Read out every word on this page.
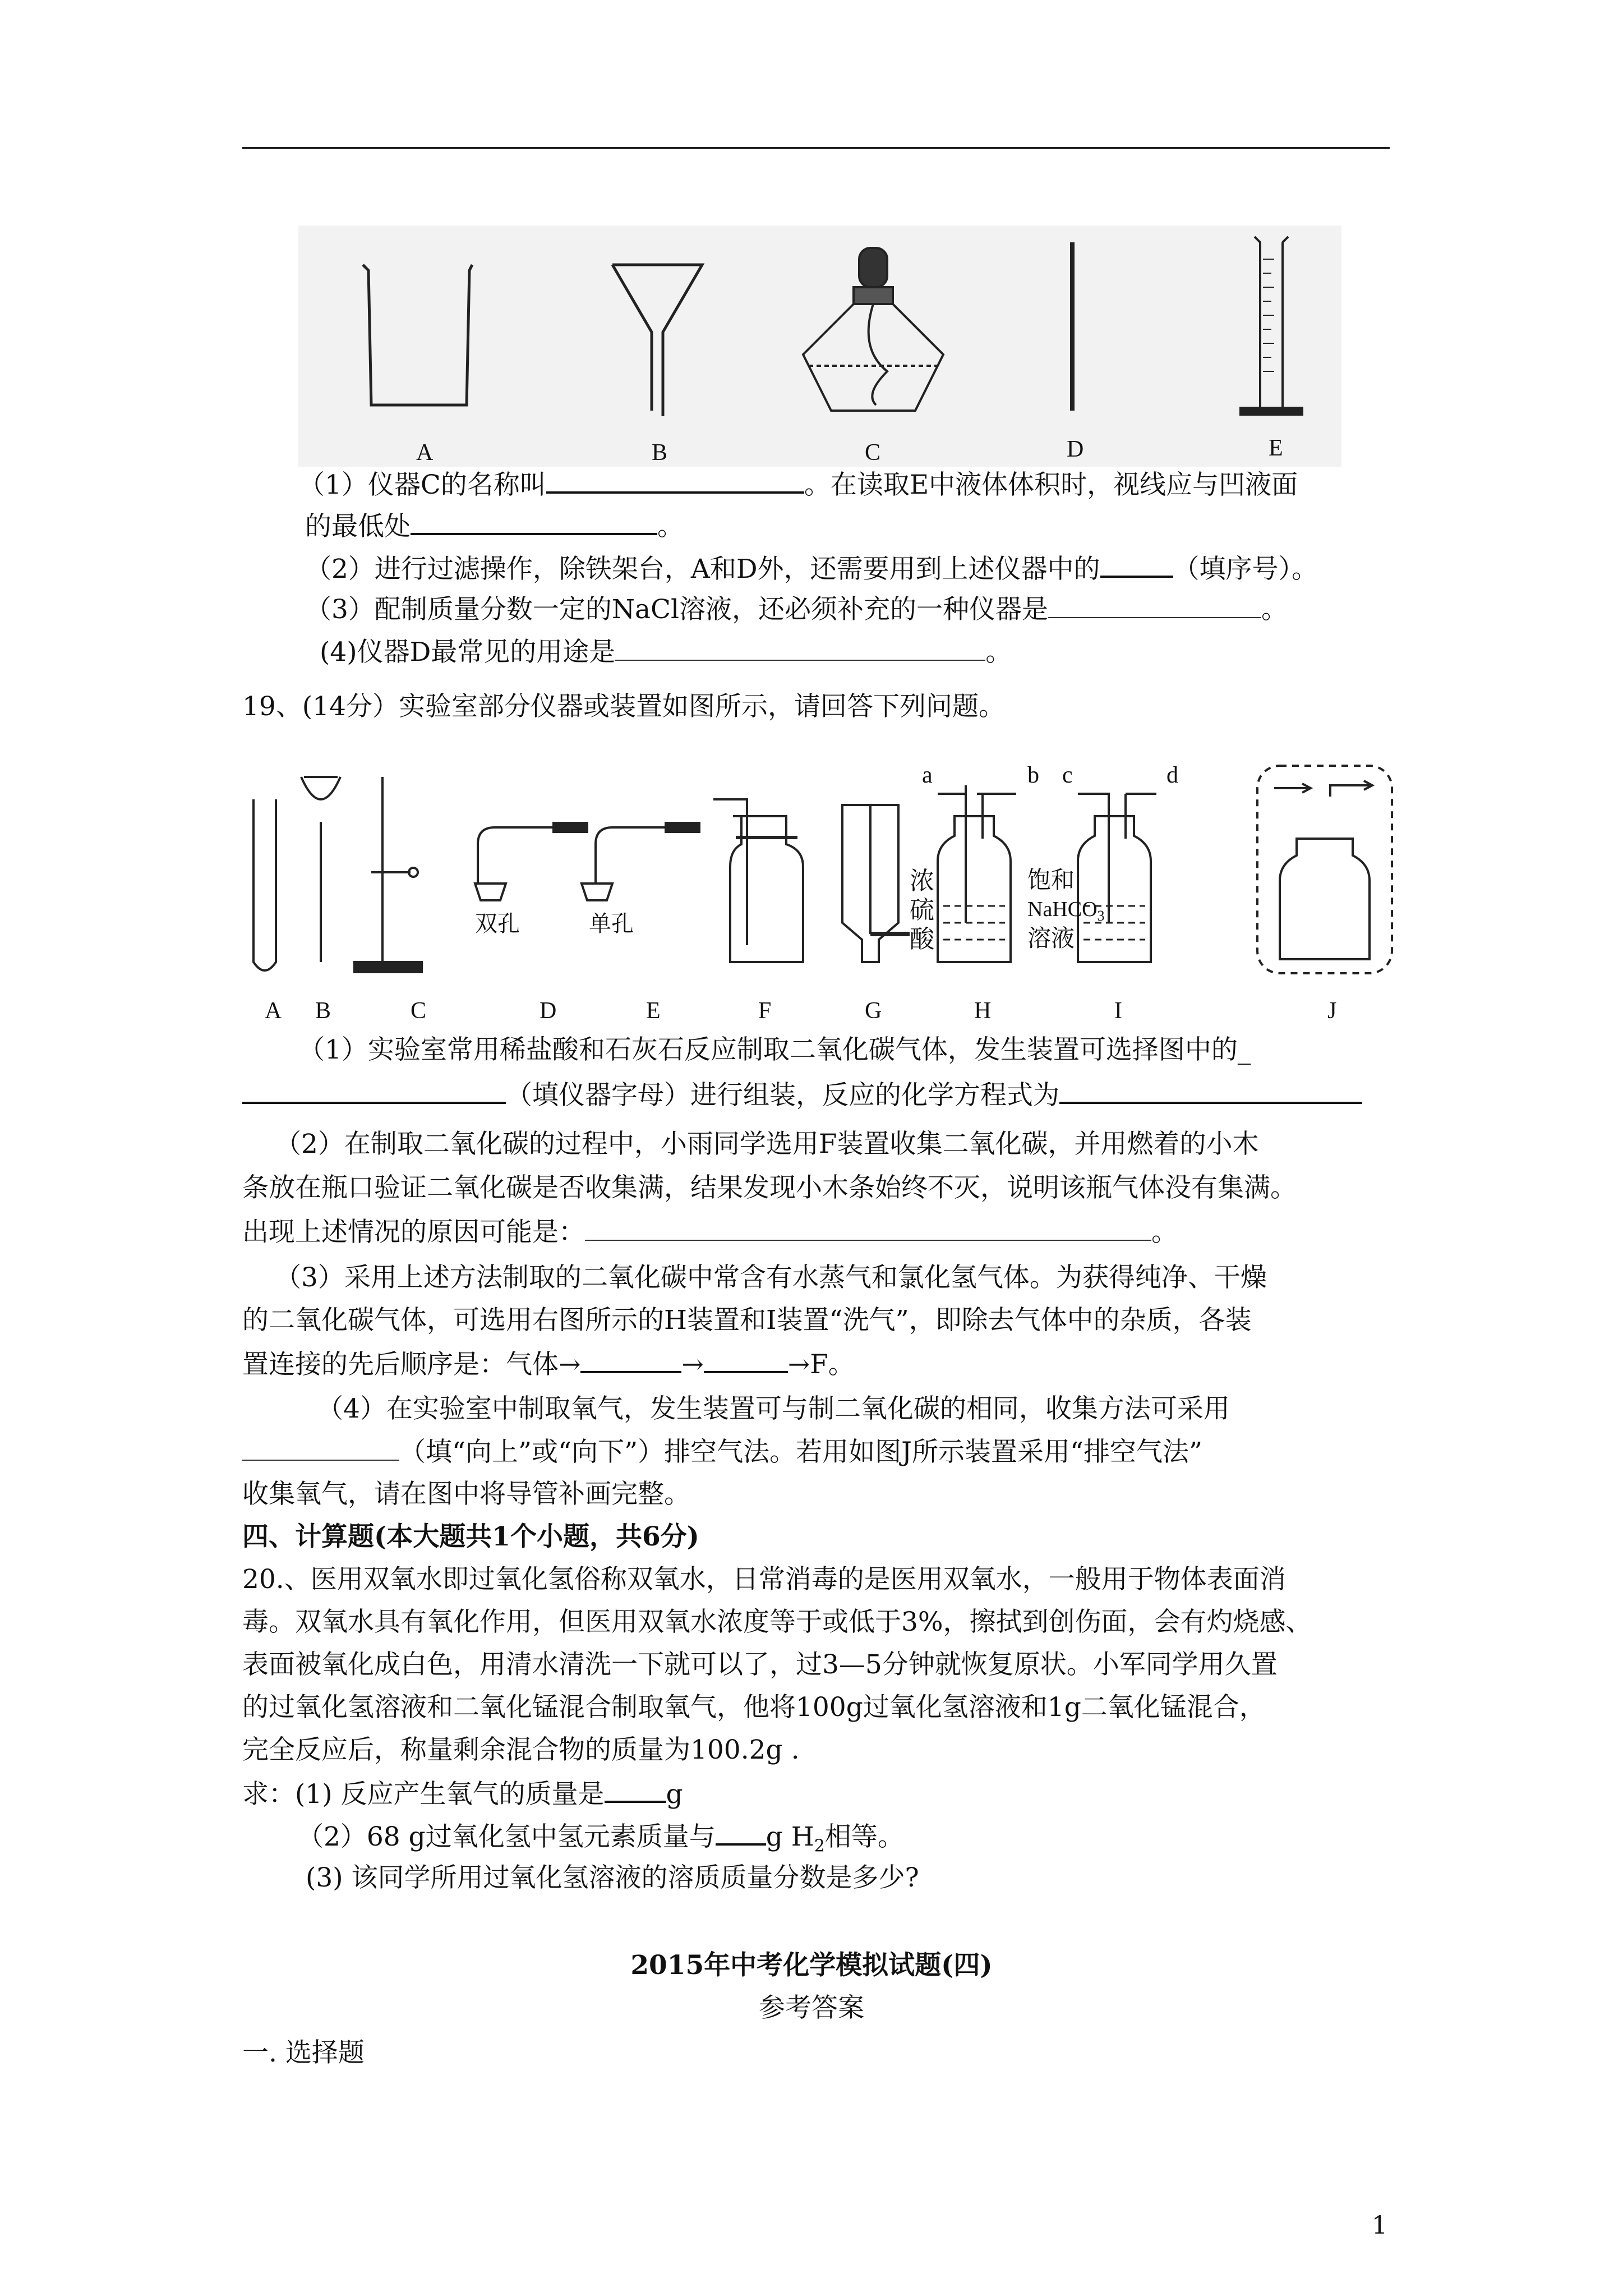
A	B	C	D	E
（1）仪器C的名称叫	。在读取E中液体体积时，视线应与凹液面
的最低处	。
（2）进行过滤操作，除铁架台，A和D外，还需要用到上述仪器中的	（填序号）。
（3）配制质量分数一定的NaCl溶液，还必须补充的一种仪器是	。
(4)仪器D最常见的用途是	。
19、(14分）实验室部分仪器或装置如图所示，请回答下列问题。
双孔	单孔
a	b c	d
浓
硫
酸
饱和
NaHCO$_3$
溶液
A B	C	D	E	F	G	H	I	J
（1）实验室常用稀盐酸和石灰石反应制取二氧化碳气体，发生装置可选择图中的_
（填仪器字母）进行组装，反应的化学方程式为
（2）在制取二氧化碳的过程中，小雨同学选用F装置收集二氧化碳，并用燃着的小木
条放在瓶口验证二氧化碳是否收集满，结果发现小木条始终不灭，说明该瓶气体没有集满。
出现上述情况的原因可能是：	。
（3）采用上述方法制取的二氧化碳中常含有水蒸气和氯化氢气体。为获得纯净、干燥
的二氧化碳气体，可选用右图所示的H装置和I装置“洗气”，即除去气体中的杂质，各装
置连接的先后顺序是：气体→	→	→F。
（4）在实验室中制取氧气，发生装置可与制二氧化碳的相同，收集方法可采用
（填“向上”或“向下”）排空气法。若用如图J所示装置采用“排空气法”
收集氧气，请在图中将导管补画完整。
四、计算题(本大题共1个小题，共6分)
20.、医用双氧水即过氧化氢俗称双氧水，日常消毒的是医用双氧水，一般用于物体表面消
毒。双氧水具有氧化作用，但医用双氧水浓度等于或低于3%，擦拭到创伤面，会有灼烧感、
表面被氧化成白色，用清水清洗一下就可以了，过3—5分钟就恢复原状。小军同学用久置
的过氧化氢溶液和二氧化锰混合制取氧气，他将100g过氧化氢溶液和1g二氧化锰混合，
完全反应后，称量剩余混合物的质量为100.2g .
求：(1) 反应产生氧气的质量是 g
（2）68 g过氧化氢中氢元素质量与 g $H_2$相等。
(3) 该同学所用过氧化氢溶液的溶质质量分数是多少?
2015年中考化学模拟试题(四)
参考答案
一. 选择题
1
